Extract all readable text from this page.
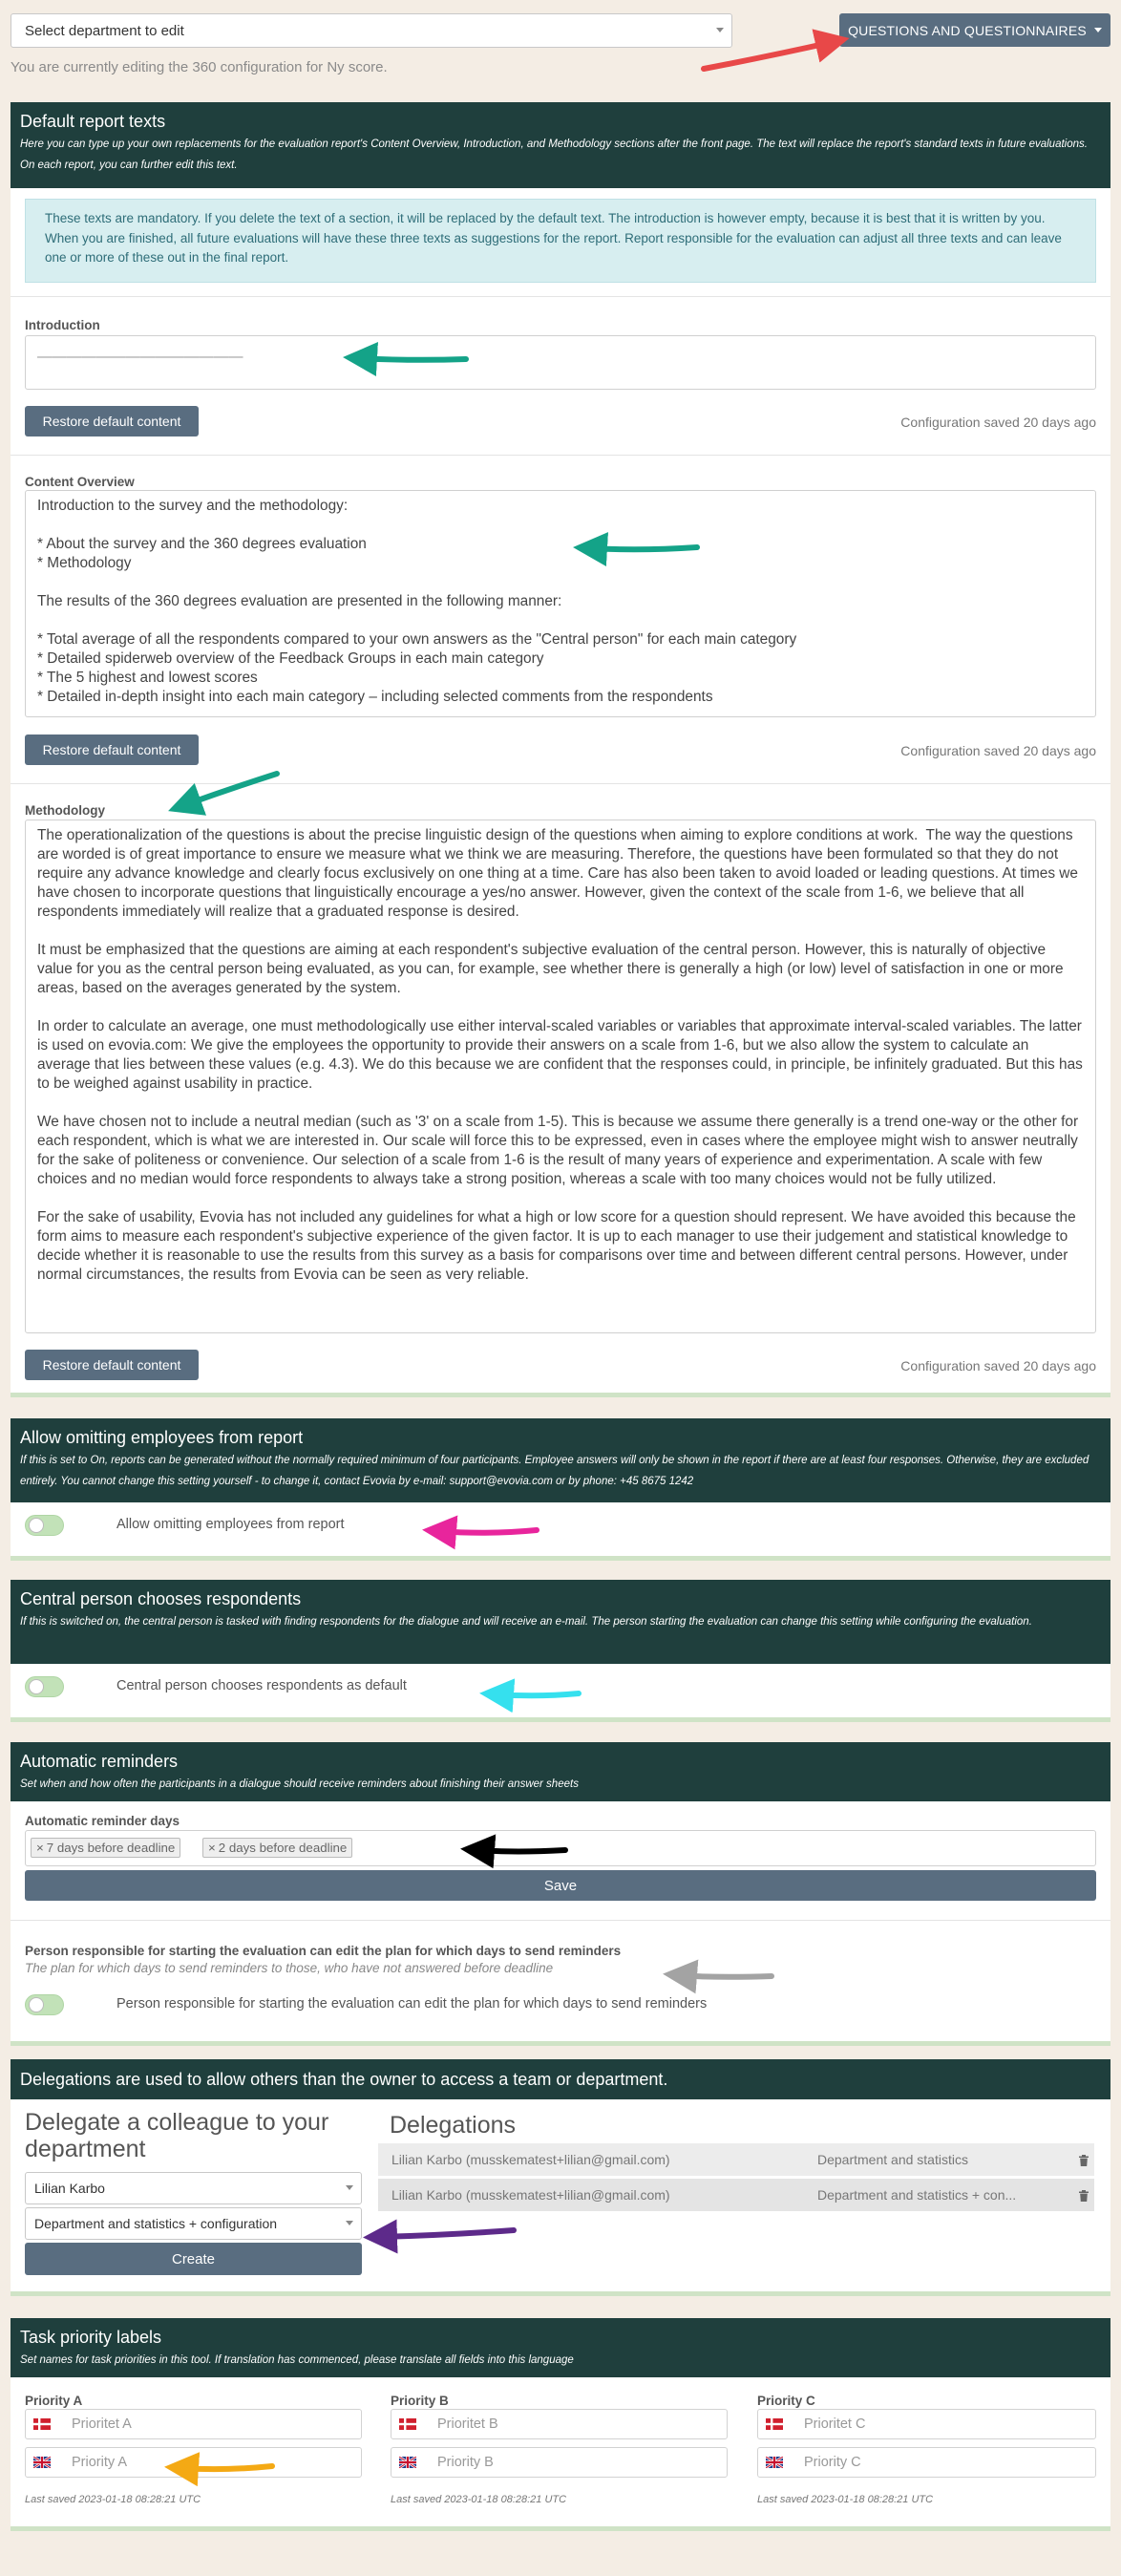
Select department to edit	QUESTIONS AND QUESTIONNAIRES
You are currently editing the 360 configuration for Ny score.
Default report texts
Here you can type up your own replacements for the evaluation report's Content Overview, Introduction, and Methodology sections after the front page. The text will replace the report's standard texts in future evaluations. On each report, you can further edit this text.
These texts are mandatory. If you delete the text of a section, it will be replaced by the default text. The introduction is however empty, because it is best that it is written by you. When you are finished, all future evaluations will have these three texts as suggestions for the report. Report responsible for the evaluation can adjust all three texts and can leave one or more of these out in the final report.
Introduction
——————————————
Restore default content	Configuration saved 20 days ago
Content Overview
Introduction to the survey and the methodology:

* About the survey and the 360 degrees evaluation
* Methodology

The results of the 360 degrees evaluation are presented in the following manner:

* Total average of all the respondents compared to your own answers as the "Central person" for each main category
* Detailed spiderweb overview of the Feedback Groups in each main category
* The 5 highest and lowest scores
* Detailed in-depth insight into each main category – including selected comments from the respondents
Restore default content	Configuration saved 20 days ago
Methodology
The operationalization of the questions is about the precise linguistic design of the questions when aiming to explore conditions at work.  The way the questions are worded is of great importance to ensure we measure what we think we are measuring. Therefore, the questions have been formulated so that they do not require any advance knowledge and clearly focus exclusively on one thing at a time. Care has also been taken to avoid loaded or leading questions. At times we have chosen to incorporate questions that linguistically encourage a yes/no answer. However, given the context of the scale from 1-6, we believe that all respondents immediately will realize that a graduated response is desired.

It must be emphasized that the questions are aiming at each respondent's subjective evaluation of the central person. However, this is naturally of objective value for you as the central person being evaluated, as you can, for example, see whether there is generally a high (or low) level of satisfaction in one or more areas, based on the averages generated by the system.

In order to calculate an average, one must methodologically use either interval-scaled variables or variables that approximate interval-scaled variables. The latter is used on evovia.com: We give the employees the opportunity to provide their answers on a scale from 1-6, but we also allow the system to calculate an average that lies between these values (e.g. 4.3). We do this because we are confident that the responses could, in principle, be infinitely graduated. But this has to be weighed against usability in practice.

We have chosen not to include a neutral median (such as '3' on a scale from 1-5). This is because we assume there generally is a trend one-way or the other for each respondent, which is what we are interested in. Our scale will force this to be expressed, even in cases where the employee might wish to answer neutrally for the sake of politeness or convenience. Our selection of a scale from 1-6 is the result of many years of experience and experimentation. A scale with few choices and no median would force respondents to always take a strong position, whereas a scale with too many choices would not be fully utilized.

For the sake of usability, Evovia has not included any guidelines for what a high or low score for a question should represent. We have avoided this because the form aims to measure each respondent's subjective experience of the given factor. It is up to each manager to use their judgement and statistical knowledge to decide whether it is reasonable to use the results from this survey as a basis for comparisons over time and between different central persons. However, under normal circumstances, the results from Evovia can be seen as very reliable.
Restore default content	Configuration saved 20 days ago
Allow omitting employees from report
If this is set to On, reports can be generated without the normally required minimum of four participants. Employee answers will only be shown in the report if there are at least four responses. Otherwise, they are excluded entirely. You cannot change this setting yourself - to change it, contact Evovia by e-mail: support@evovia.com or by phone: +45 8675 1242
Allow omitting employees from report
Central person chooses respondents
If this is switched on, the central person is tasked with finding respondents for the dialogue and will receive an e-mail. The person starting the evaluation can change this setting while configuring the evaluation.
Central person chooses respondents as default
Automatic reminders
Set when and how often the participants in a dialogue should receive reminders about finishing their answer sheets
Automatic reminder days

× 7 days before deadline

	× 2 days before deadline

Save
Person responsible for starting the evaluation can edit the plan for which days to send reminders
The plan for which days to send reminders to those, who have not answered before deadline
Person responsible for starting the evaluation can edit the plan for which days to send reminders
Delegations are used to allow others than the owner to access a team or department.
Delegate a colleague to your department
Lilian Karbo
Department and statistics + configuration
Create
Delegations
Lilian Karbo (musskematest+lilian@gmail.com)	Department and statistics
Lilian Karbo (musskematest+lilian@gmail.com)	Department and statistics + con...
Task priority labels
Set names for task priorities in this tool. If translation has commenced, please translate all fields into this language
Priority A
Prioritet A
Priority A
Last saved 2023-01-18 08:28:21 UTC
Priority B
Prioritet B
Priority B
Last saved 2023-01-18 08:28:21 UTC
Priority C
Prioritet C
Priority C
Last saved 2023-01-18 08:28:21 UTC
